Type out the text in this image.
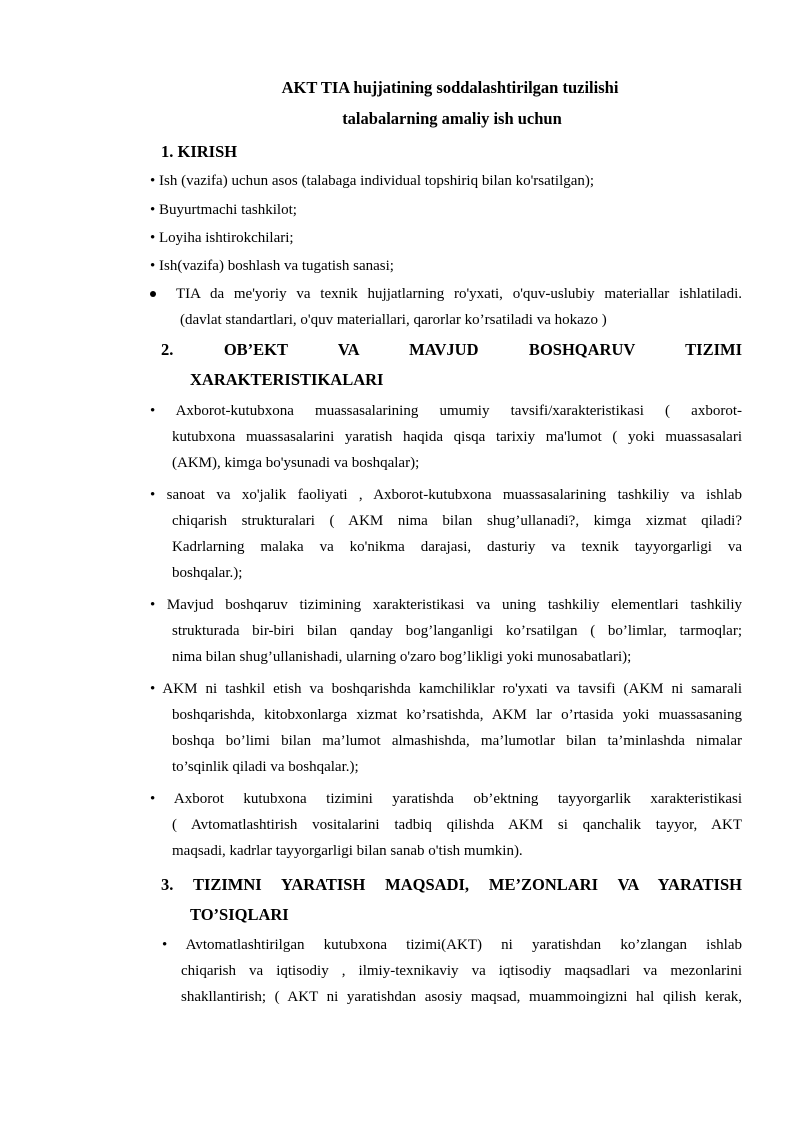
AKT TIA hujjatining soddalashtirilgan tuzilishi

talabalarning amaliy ish uchun

1. KIRISH

• Ish (vazifa) uchun asos (talabaga individual topshiriq bilan ko'rsatilgan);

• Buyurtmachi tashkilot;

• Loyiha ishtirokchilari;

• Ish(vazifa) boshlash va tugatish sanasi;

TIA da me'yoriy va texnik hujjatlarning ro'yxati, o'quv-uslubiy materiallar ishlatiladi.

(davlat standartlari, o'quv materiallari, qarorlar ko’rsatiladi va hokazo )

2. OB’EKT VA MAVJUD BOSHQARUV TIZIMI

XARAKTERISTIKALARI

• Axborot-kutubxona muassasalarining umumiy tavsifi/xarakteristikasi ( axborot-

kutubxona muassasalarini yaratish haqida qisqa tarixiy ma'lumot ( yoki muassasalari

(AKM), kimga bo'ysunadi va boshqalar);

• sanoat va xo'jalik faoliyati , Axborot-kutubxona muassasalarining tashkiliy va ishlab

chiqarish strukturalari ( AKM nima bilan shug’ullanadi?, kimga xizmat qiladi?

Kadrlarning malaka va ko'nikma darajasi, dasturiy va texnik tayyorgarligi va

boshqalar.);

• Mavjud boshqaruv tizimining xarakteristikasi va uning tashkiliy elementlari tashkiliy

strukturada bir-biri bilan qanday bog’langanligi ko’rsatilgan ( bo’limlar, tarmoqlar;

nima bilan shug’ullanishadi, ularning o'zaro bog’likligi yoki munosabatlari);

• AKM ni tashkil etish va boshqarishda kamchiliklar ro'yxati va tavsifi (AKM ni samarali

boshqarishda, kitobxonlarga xizmat ko’rsatishda, AKM lar o’rtasida yoki muassasaning

boshqa bo’limi bilan ma’lumot almashishda, ma’lumotlar bilan ta’minlashda nimalar

to’sqinlik qiladi va boshqalar.);

• Axborot kutubxona tizimini yaratishda ob’ektning tayyorgarlik xarakteristikasi

( Avtomatlashtirish vositalarini tadbiq qilishda AKM si qanchalik tayyor, AKT

maqsadi, kadrlar tayyorgarligi bilan sanab o'tish mumkin).

3. TIZIMNI YARATISH MAQSADI, ME’ZONLARI VA YARATISH

TO’SIQLARI

• Avtomatlashtirilgan kutubxona tizimi(AKT) ni yaratishdan ko’zlangan ishlab

chiqarish va iqtisodiy , ilmiy-texnikaviy va iqtisodiy maqsadlari va mezonlarini

shakllantirish; ( AKT ni yaratishdan asosiy maqsad, muammoingizni hal qilish kerak,
